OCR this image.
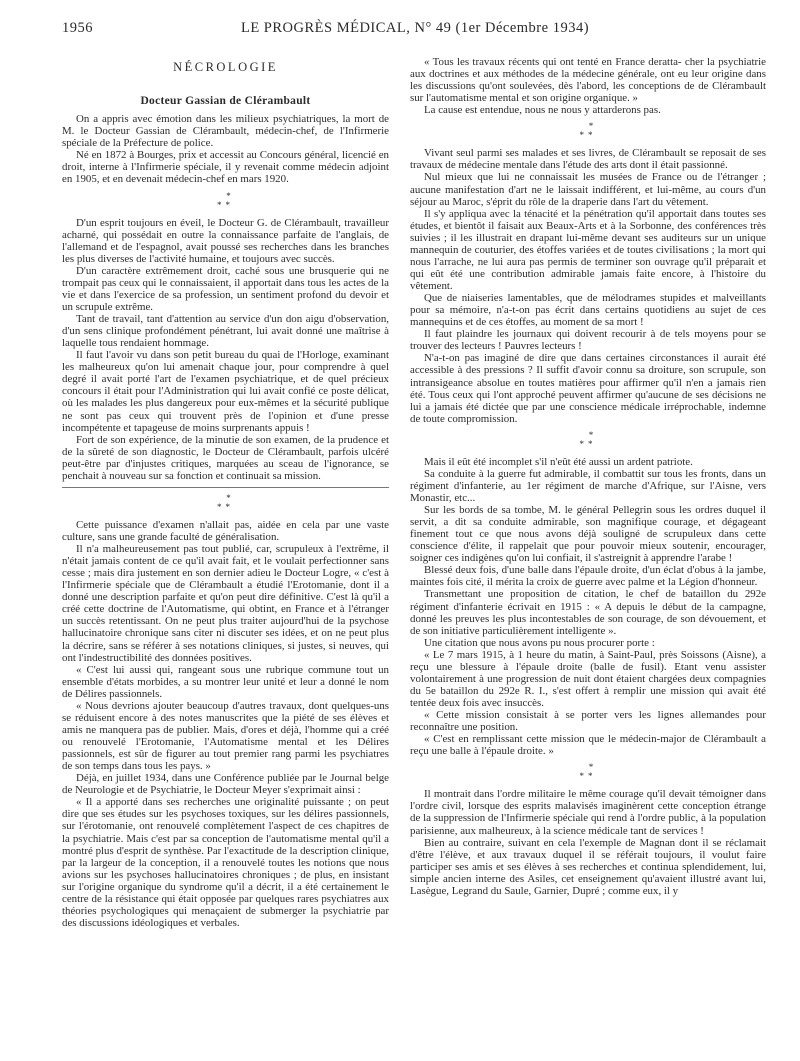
1956	LE PROGRÈS MÉDICAL, N° 49 (1er Décembre 1934)
NÉCROLOGIE
Docteur Gassian de Clérambault

On a appris avec émotion dans les milieux psychiatriques, la mort de M. le Docteur Gassian de Clérambault, médecin-chef, de l'Infirmerie spéciale de la Préfecture de police.

Né en 1872 à Bourges, prix et accessit au Concours général, licencié en droit, interne à l'Infirmerie spéciale, il y revenait comme médecin adjoint en 1905, et en devenait médecin-chef en mars 1920.

*
**

D'un esprit toujours en éveil, le Docteur G. de Clérambault, travailleur acharné, qui possédait en outre la connaissance parfaite de l'anglais, de l'allemand et de l'espagnol, avait poussé ses recherches dans les branches les plus diverses de l'activité humaine, et toujours avec succès.

D'un caractère extrêmement droit, caché sous une brusquerie qui ne trompait pas ceux qui le connaissaient, il apportait dans tous les actes de la vie et dans l'exercice de sa profession, un sentiment profond du devoir et un scrupule extrême.

Tant de travail, tant d'attention au service d'un don aigu d'observation, d'un sens clinique profondément pénétrant, lui avait donné une maîtrise à laquelle tous rendaient hommage.

Il faut l'avoir vu dans son petit bureau du quai de l'Horloge, examinant les malheureux qu'on lui amenait chaque jour, pour comprendre à quel degré il avait porté l'art de l'examen psychiatrique, et de quel précieux concours il était pour l'Administration qui lui avait confié ce poste délicat, où les malades les plus dangereux pour eux-mêmes et la sécurité publique ne sont pas ceux qui trouvent près de l'opinion et d'une presse incompétente et tapageuse de moins surprenants appuis !

Fort de son expérience, de la minutie de son examen, de la prudence et de la sûreté de son diagnostic, le Docteur de Clérambault, parfois ulcéré peut-être par d'injustes critiques, marquées au sceau de l'ignorance, se penchait à nouveau sur sa fonction et continuait sa mission.

*
**

Cette puissance d'examen n'allait pas, aidée en cela par une vaste culture, sans une grande faculté de généralisation.

Il n'a malheureusement pas tout publié, car, scrupuleux à l'extrême, il n'était jamais content de ce qu'il avait fait, et le voulait perfectionner sans cesse ; mais dira justement en son dernier adieu le Docteur Logre, « c'est à l'Infirmerie spéciale que de Clérambault a étudié l'Erotomanie, dont il a donné une description parfaite et qu'on peut dire définitive. C'est là qu'il a créé cette doctrine de l'Automatisme, qui obtint, en France et à l'étranger un succès retentissant. On ne peut plus traiter aujourd'hui de la psychose hallucinatoire chronique sans citer ni discuter ses idées, et on ne peut plus la décrire, sans se référer à ses notations cliniques, si justes, si neuves, qui ont l'indestructibilité des données positives.

« C'est lui aussi qui, rangeant sous une rubrique commune tout un ensemble d'états morbides, a su montrer leur unité et leur a donné le nom de Délires passionnels.

« Nous devrions ajouter beaucoup d'autres travaux, dont quelques-uns se réduisent encore à des notes manuscrites que la piété de ses élèves et amis ne manquera pas de publier. Mais, d'ores et déjà, l'homme qui a créé ou renouvelé l'Erotomanie, l'Automatisme mental et les Délires passionnels, est sûr de figurer au tout premier rang parmi les psychiatres de son temps dans tous les pays. »

Déjà, en juillet 1934, dans une Conférence publiée par le Journal belge de Neurologie et de Psychiatrie, le Docteur Meyer s'exprimait ainsi :

« Il a apporté dans ses recherches une originalité puissante ; on peut dire que ses études sur les psychoses toxiques, sur les délires passionnels, sur l'érotomanie, ont renouvelé complètement l'aspect de ces chapitres de la psychiatrie. Mais c'est par sa conception de l'automatisme mental qu'il a montré plus d'esprit de synthèse. Par l'exactitude de la description clinique, par la largeur de la conception, il a renouvelé toutes les notions que nous avions sur les psychoses hallucinatoires chroniques ; de plus, en insistant sur l'origine organique du syndrome qu'il a décrit, il a été certainement le centre de la résistance qui était opposée par quelques rares psychiatres aux théories psychologiques qui menaçaient de submerger la psychiatrie par des discussions idéologiques et verbales.

« Tous les travaux récents qui ont tenté en France deratta- cher la psychiatrie aux doctrines et aux méthodes de la médecine générale, ont eu leur origine dans les discussions qu'ont soulevées, dès l'abord, les conceptions de de Clérambault sur l'automatisme mental et son origine organique. »

La cause est entendue, nous ne nous y attarderons pas.

*
**

Vivant seul parmi ses malades et ses livres, de Clérambault se reposait de ses travaux de médecine mentale dans l'étude des arts dont il était passionné.

Nul mieux que lui ne connaissait les musées de France ou de l'étranger ; aucune manifestation d'art ne le laissait indifférent, et lui-même, au cours d'un séjour au Maroc, s'éprit du rôle de la draperie dans l'art du vêtement.

Il s'y appliqua avec la ténacité et la pénétration qu'il apportait dans toutes ses études, et bientôt il faisait aux Beaux-Arts et à la Sorbonne, des conférences très suivies ; il les illustrait en drapant lui-même devant ses auditeurs sur un unique mannequin de couturier, des étoffes variées et de toutes civilisations ; la mort qui nous l'arrache, ne lui aura pas permis de terminer son ouvrage qu'il préparait et qui eût été une contribution admirable jamais faite encore, à l'histoire du vêtement.

Que de niaiseries lamentables, que de mélodrames stupides et malveillants pour sa mémoire, n'a-t-on pas écrit dans certains quotidiens au sujet de ces mannequins et de ces étoffes, au moment de sa mort !

Il faut plaindre les journaux qui doivent recourir à de tels moyens pour se trouver des lecteurs ! Pauvres lecteurs !

N'a-t-on pas imaginé de dire que dans certaines circonstances il aurait été accessible à des pressions ? Il suffit d'avoir connu sa droiture, son scrupule, son intransigeance absolue en toutes matières pour affirmer qu'il n'en a jamais rien été. Tous ceux qui l'ont approché peuvent affirmer qu'aucune de ses décisions ne lui a jamais été dictée que par une conscience médicale irréprochable, indemne de toute compromission.

*
**

Mais il eût été incomplet s'il n'eût été aussi un ardent patriote.

Sa conduite à la guerre fut admirable, il combattit sur tous les fronts, dans un régiment d'infanterie, au 1er régiment de marche d'Afrique, sur l'Aisne, vers Monastir, etc...

Sur les bords de sa tombe, M. le général Pellegrin sous les ordres duquel il servit, a dit sa conduite admirable, son magnifique courage, et dégageant finement tout ce que nous avons déjà souligné de scrupuleux dans cette conscience d'élite, il rappelait que pour pouvoir mieux soutenir, encourager, soigner ces indigènes qu'on lui confiait, il s'astreignit à apprendre l'arabe !

Blessé deux fois, d'une balle dans l'épaule droite, d'un éclat d'obus à la jambe, maintes fois cité, il mérita la croix de guerre avec palme et la Légion d'honneur.

Transmettant une proposition de citation, le chef de bataillon du 292e régiment d'infanterie écrivait en 1915 : « A depuis le début de la campagne, donné les preuves les plus incontestables de son courage, de son dévouement, et de son initiative particulièrement intelligente ».

Une citation que nous avons pu nous procurer porte :

« Le 7 mars 1915, à 1 heure du matin, à Saint-Paul, près Soissons (Aisne), a reçu une blessure à l'épaule droite (balle de fusil). Etant venu assister volontairement à une progression de nuit dont étaient chargées deux compagnies du 5e bataillon du 292e R. I., s'est offert à remplir une mission qui avait été tentée deux fois avec insuccès.

« Cette mission consistait à se porter vers les lignes allemandes pour reconnaître une position.

« C'est en remplissant cette mission que le médecin-major de Clérambault a reçu une balle à l'épaule droite. »

*
**

Il montrait dans l'ordre militaire le même courage qu'il devait témoigner dans l'ordre civil, lorsque des esprits malavisés imaginèrent cette conception étrange de la suppression de l'Infirmerie spéciale qui rend à l'ordre public, à la population parisienne, aux malheureux, à la science médicale tant de services !

Bien au contraire, suivant en cela l'exemple de Magnan dont il se réclamait d'être l'élève, et aux travaux duquel il se référait toujours, il voulut faire participer ses amis et ses élèves à ses recherches et continua splendidement, lui, simple ancien interne des Asiles, cet enseignement qu'avaient illustré avant lui, Lasègue, Legrand du Saule, Garnier, Dupré ; comme eux, il y
